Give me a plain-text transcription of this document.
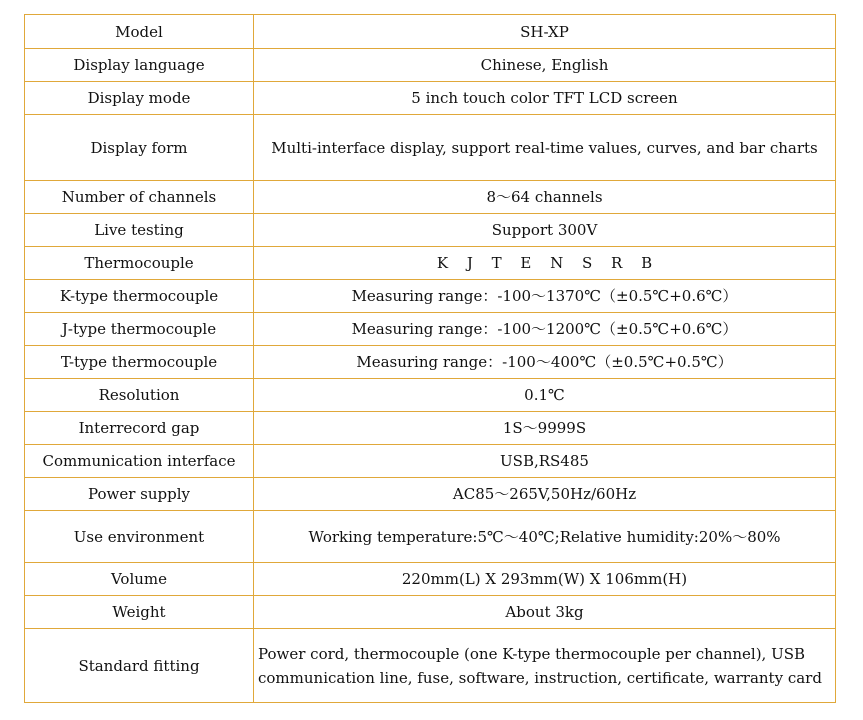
Model	SH-XP
Display language	Chinese, English
Display mode	5 inch touch color TFT LCD screen
Display form	Multi-interface display, support real-time values, curves, and bar charts
Number of channels	8～64 channels
Live testing	Support 300V
Thermocouple	K J T E N S R B
K-type thermocouple	Measuring range：-100～1370℃（±0.5℃+0.6℃）
J-type thermocouple	Measuring range：-100～1200℃（±0.5℃+0.6℃）
T-type thermocouple	Measuring range：-100～400℃（±0.5℃+0.5℃）
Resolution	0.1℃
Interrecord gap	1S～9999S
Communication interface	USB,RS485
Power supply	AC85～265V,50Hz/60Hz
Use environment	Working temperature:5℃～40℃;Relative humidity:20%～80%
Volume	220mm(L) X 293mm(W) X 106mm(H)
Weight	About 3kg
Standard fitting	Power cord, thermocouple (one K-type thermocouple per channel), USB communication line, fuse, software, instruction, certificate, warranty card
